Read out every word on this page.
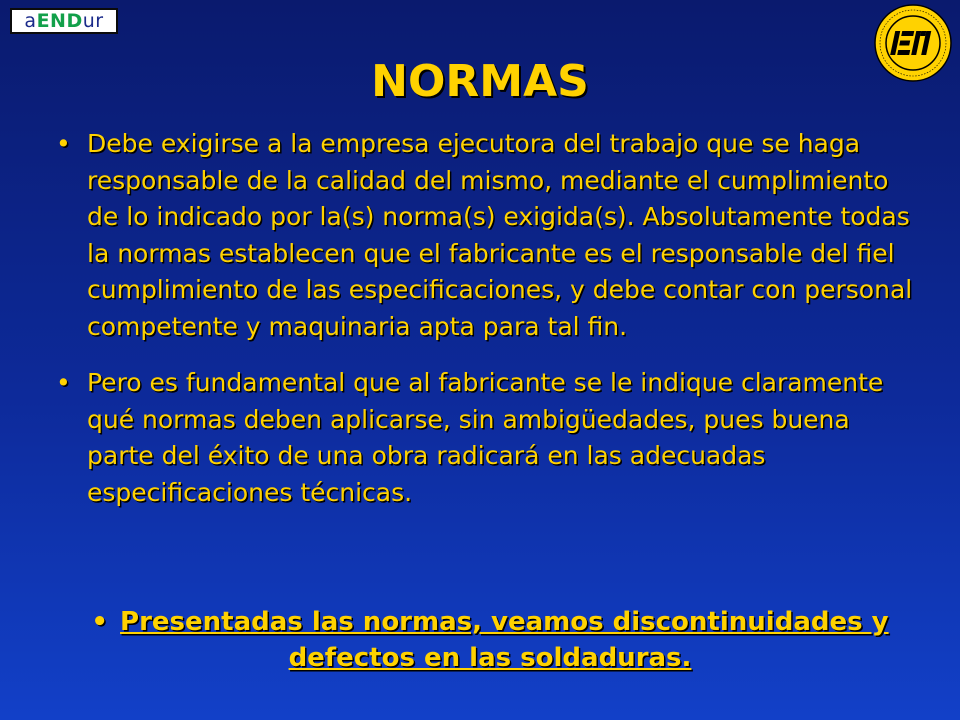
a END ur
NORMAS
• Debe exigirse a la empresa ejecutora del trabajo que se haga responsable de la calidad del mismo, mediante el cumplimiento de lo indicado por la(s) norma(s) exigida(s). Absolutamente todas la normas establecen que el fabricante es el responsable del fiel cumplimiento de las especificaciones, y debe contar con personal competente y maquinaria apta para tal fin.
• Pero es fundamental que al fabricante se le indique claramente qué normas deben aplicarse, sin ambigüedades, pues buena parte del éxito de una obra radicará en las adecuadas especificaciones técnicas.
• Presentadas las normas, veamos discontinuidades y defectos en las soldaduras.
